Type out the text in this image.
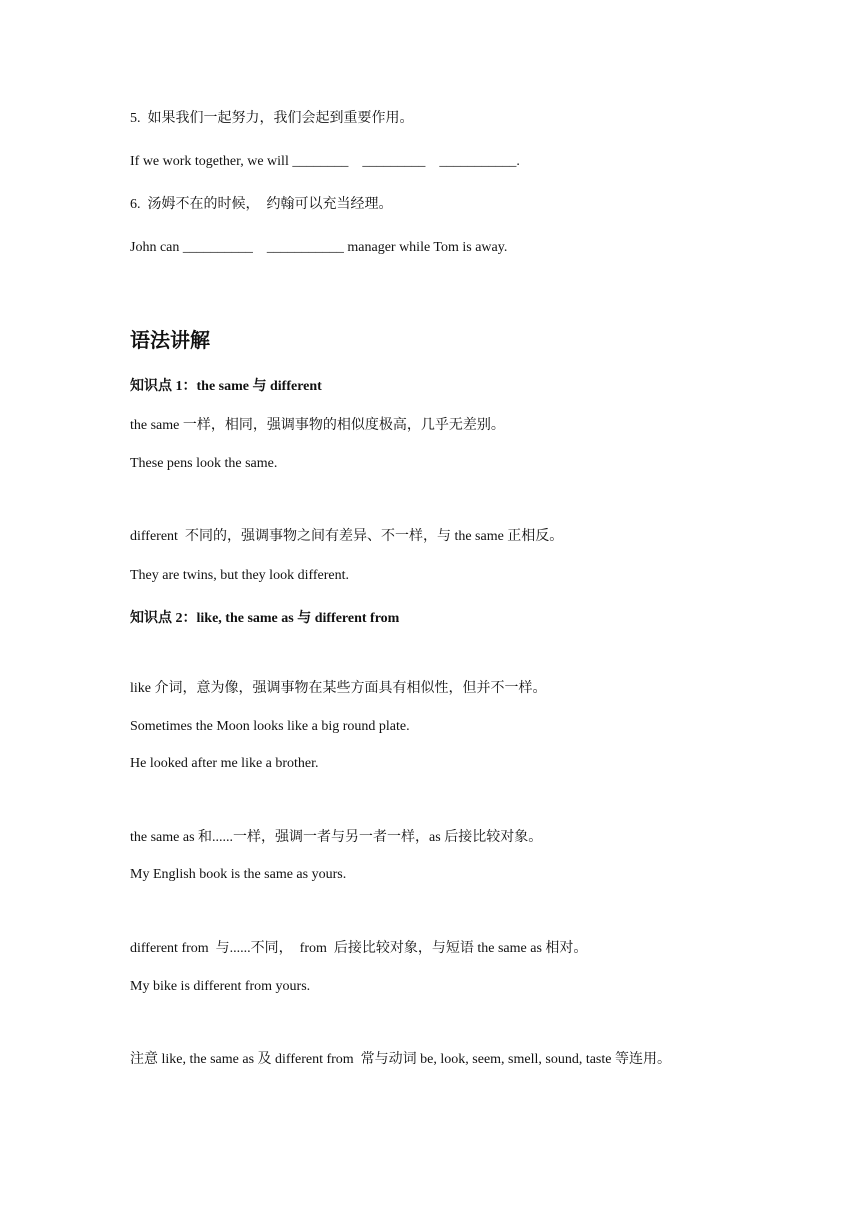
5.  如果我们一起努力，我们会起到重要作用。
If we work together, we will ________    _________    ___________.
6.  汤姆不在的时候，  约翰可以充当经理。
John can __________    ___________ manager while Tom is away.
语法讲解
知识点 1：the same 与 different
the same 一样，相同，强调事物的相似度极高，几乎无差别。
These pens look the same.
different  不同的，强调事物之间有差异、不一样，与 the same 正相反。
They are twins, but they look different.
知识点 2：like, the same as 与 different from
like 介词，意为像，强调事物在某些方面具有相似性，但并不一样。
Sometimes the Moon looks like a big round plate.
He looked after me like a brother.
the same as 和......一样，强调一者与另一者一样，as 后接比较对象。
My English book is the same as yours.
different from  与......不同，  from  后接比较对象，与短语 the same as 相对。
My bike is different from yours.
注意 like, the same as 及 different from  常与动词 be, look, seem, smell, sound, taste 等连用。
